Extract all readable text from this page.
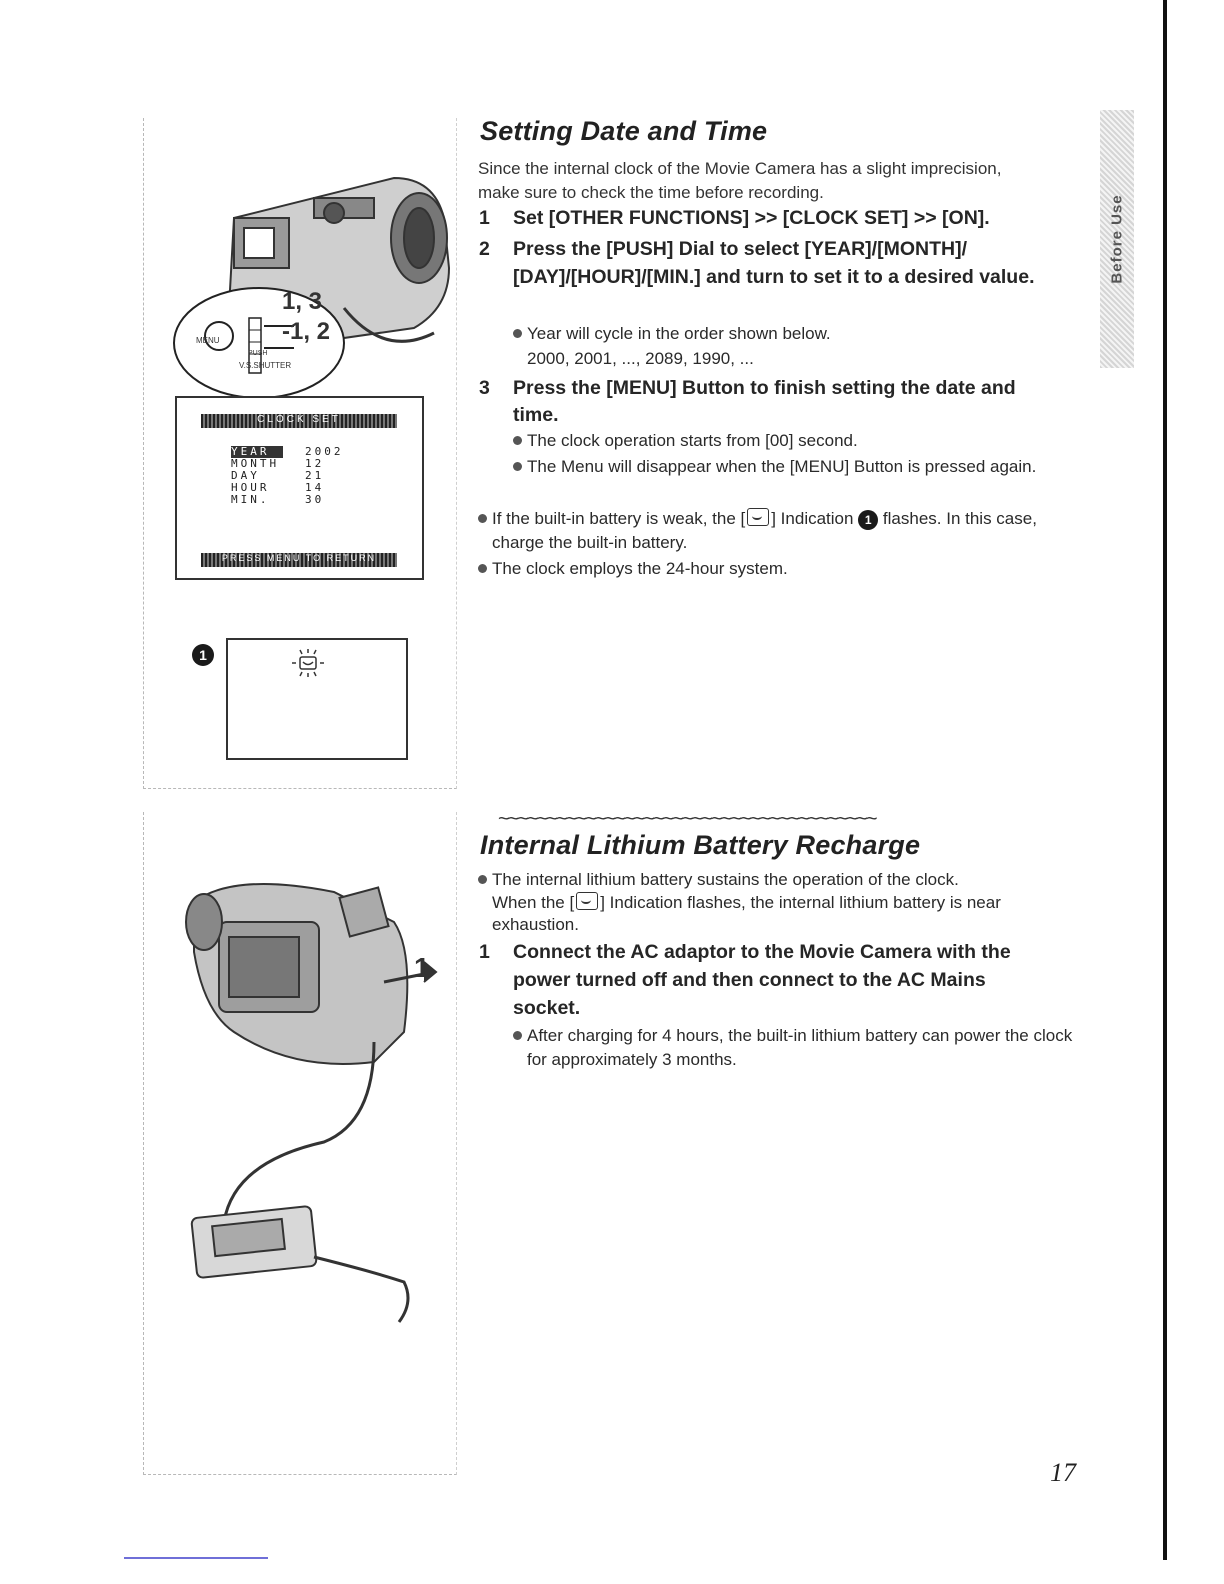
Before Use
1, 3
-1, 2
MENU
V.S.SHUTTER
PUSH
CLOCK SET
YEAR	2002
MONTH	12
DAY	21
HOUR	14
MIN.	30
PRESS MENU TO RETURN
1
Setting Date and Time
Since the internal clock of the Movie Camera has a slight imprecision, make sure to check the time before recording.
1 Set [OTHER FUNCTIONS] >> [CLOCK SET] >> [ON].
2 Press the [PUSH] Dial to select [YEAR]/[MONTH]/ [DAY]/[HOUR]/[MIN.] and turn to set it to a desired value.
Year will cycle in the order shown below.
2000, 2001, ..., 2089, 1990, ...
3 Press the [MENU] Button to finish setting the date and time.
The clock operation starts from [00] second.
The Menu will disappear when the [MENU] Button is pressed again.
If the built-in battery is weak, the [ ] Indication 1 flashes. In this case, charge the built-in battery.
The clock employs the 24-hour system.
1
~~~~~~~~~~~~~~~~~~~~~~~~~~~~~~~~~~~~~~~
Internal Lithium Battery Recharge
The internal lithium battery sustains the operation of the clock.
When the [ ] Indication flashes, the internal lithium battery is near exhaustion.
1 Connect the AC adaptor to the Movie Camera with the power turned off and then connect to the AC Mains socket.
After charging for 4 hours, the built-in lithium battery can power the clock for approximately 3 months.
17
